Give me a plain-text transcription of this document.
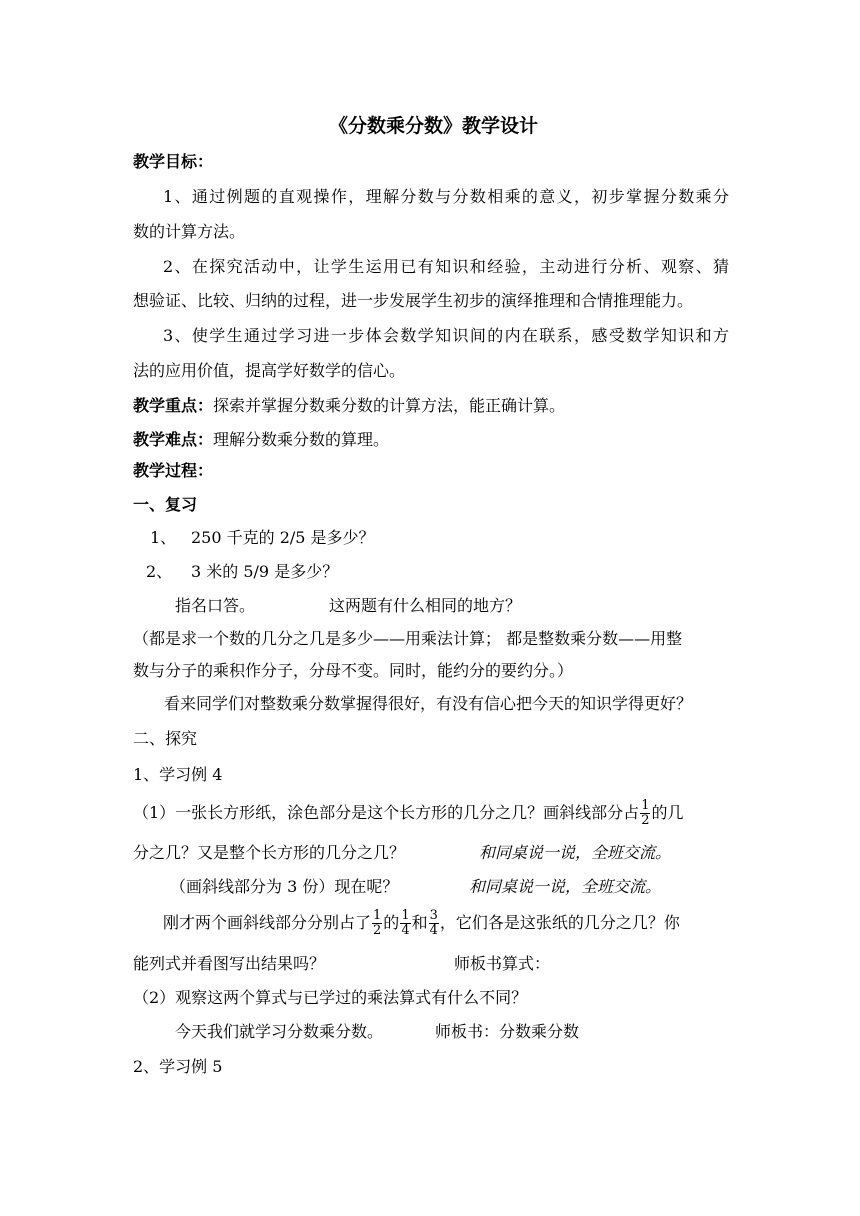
《分数乘分数》教学设计
教学目标：
1、通过例题的直观操作，理解分数与分数相乘的意义，初步掌握分数乘分
数的计算方法。
2、在探究活动中，让学生运用已有知识和经验，主动进行分析、观察、猜
想验证、比较、归纳的过程，进一步发展学生初步的演绎推理和合情推理能力。
3、使学生通过学习进一步体会数学知识间的内在联系，感受数学知识和方
法的应用价值，提高学好数学的信心。
教学重点：探索并掌握分数乘分数的计算方法，能正确计算。
教学难点：理解分数乘分数的算理。
教学过程：
一、复习
1、 250 千克的 2/5 是多少？
2、 3 米的 5/9 是多少？
指名口答。	这两题有什么相同的地方？
（都是求一个数的几分之几是多少——用乘法计算； 都是整数乘分数——用整
数与分子的乘积作分子，分母不变。同时，能约分的要约分。）
看来同学们对整数乘分数掌握得很好，有没有信心把今天的知识学得更好？
二、探究
1、学习例 4
（1）一张长方形纸，涂色部分是这个长方形的几分之几？画斜线部分占 $\frac{1}{2}$ 的几
分之几？又是整个长方形的几分之几？	和同桌说一说，全班交流。
（画斜线部分为 3 份）现在呢？	和同桌说一说，全班交流。
刚才两个画斜线部分分别占了 $\frac{1}{2}$ 的 $\frac{1}{4}$ 和 $\frac{3}{4}$ ，它们各是这张纸的几分之几？你
能列式并看图写出结果吗？	师板书算式：
（2）观察这两个算式与已学过的乘法算式有什么不同？
今天我们就学习分数乘分数。	师板书：分数乘分数
2、学习例 5
